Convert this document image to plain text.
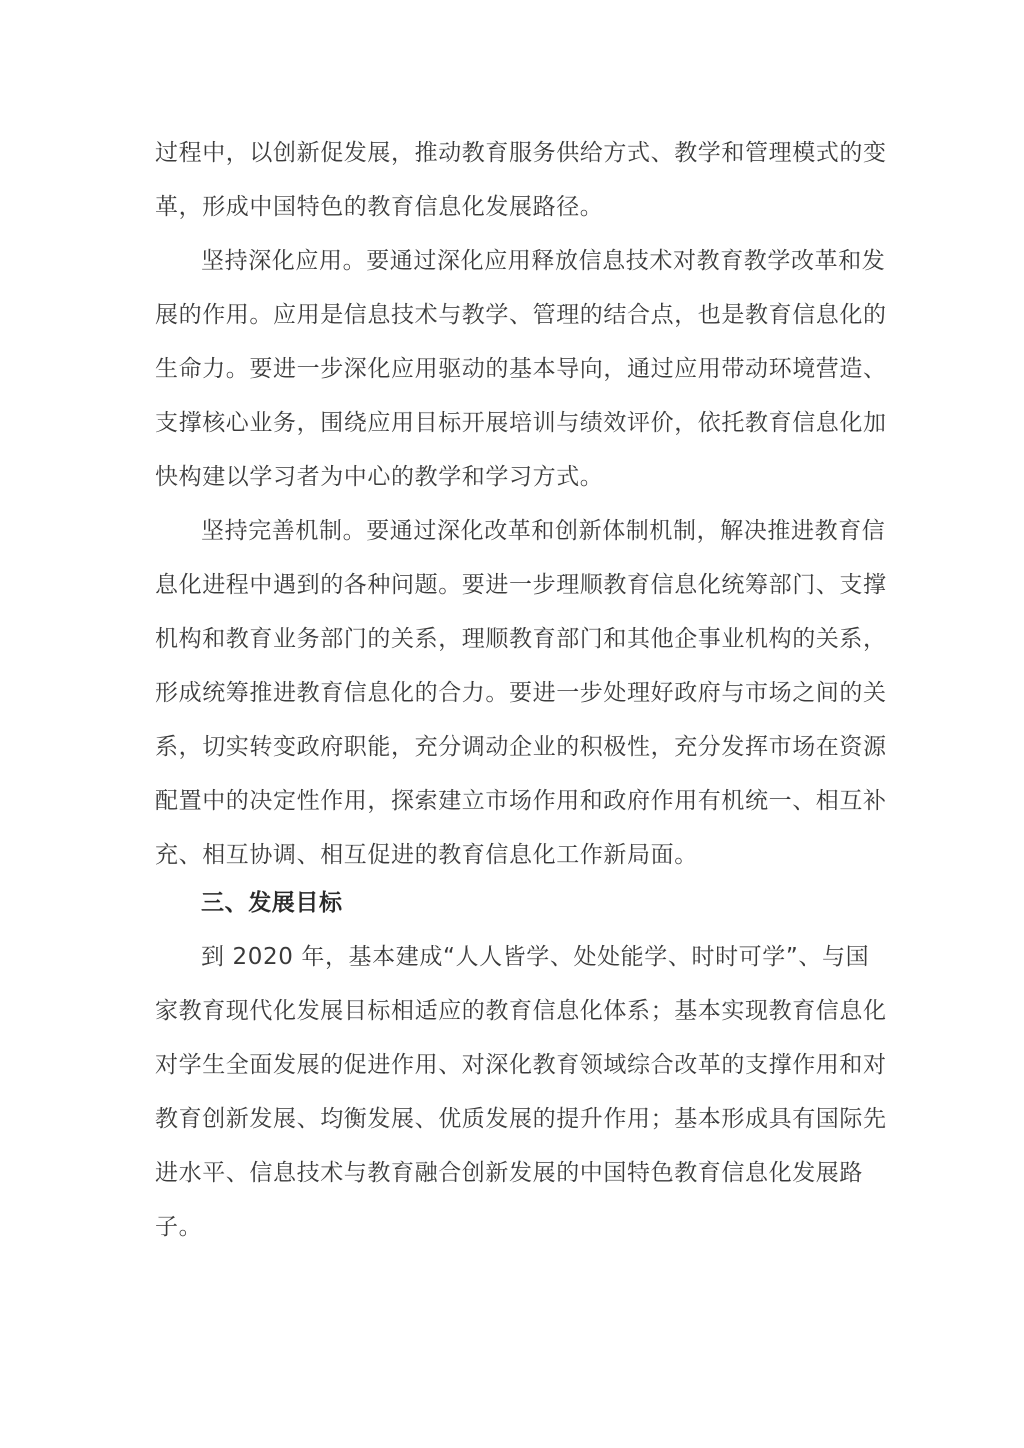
过程中，以创新促发展，推动教育服务供给方式、教学和管理模式的变
革，形成中国特色的教育信息化发展路径。
坚持深化应用。要通过深化应用释放信息技术对教育教学改革和发
展的作用。应用是信息技术与教学、管理的结合点，也是教育信息化的
生命力。要进一步深化应用驱动的基本导向，通过应用带动环境营造、
支撑核心业务，围绕应用目标开展培训与绩效评价，依托教育信息化加
快构建以学习者为中心的教学和学习方式。
坚持完善机制。要通过深化改革和创新体制机制，解决推进教育信
息化进程中遇到的各种问题。要进一步理顺教育信息化统筹部门、支撑
机构和教育业务部门的关系，理顺教育部门和其他企事业机构的关系，
形成统筹推进教育信息化的合力。要进一步处理好政府与市场之间的关
系，切实转变政府职能，充分调动企业的积极性，充分发挥市场在资源
配置中的决定性作用，探索建立市场作用和政府作用有机统一、相互补
充、相互协调、相互促进的教育信息化工作新局面。
三、发展目标
到 2020 年，基本建成“人人皆学、处处能学、时时可学”、与国
家教育现代化发展目标相适应的教育信息化体系；基本实现教育信息化
对学生全面发展的促进作用、对深化教育领域综合改革的支撑作用和对
教育创新发展、均衡发展、优质发展的提升作用；基本形成具有国际先
进水平、信息技术与教育融合创新发展的中国特色教育信息化发展路
子。
